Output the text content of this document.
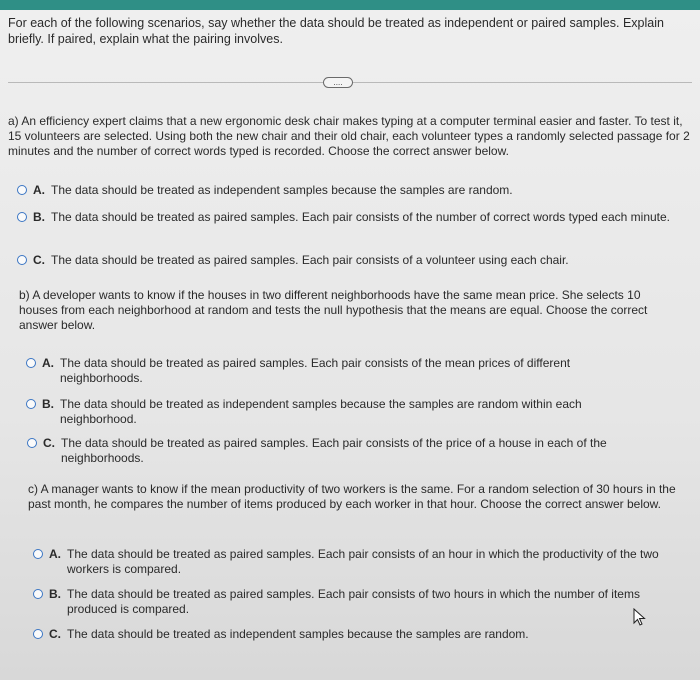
For each of the following scenarios, say whether the data should be treated as independent or paired samples. Explain briefly. If paired, explain what the pairing involves.
....
a) An efficiency expert claims that a new ergonomic desk chair makes typing at a computer terminal easier and faster. To test it, 15 volunteers are selected. Using both the new chair and their old chair, each volunteer types a randomly selected passage for 2 minutes and the number of correct words typed is recorded. Choose the correct answer below.
A. The data should be treated as independent samples because the samples are random.
B. The data should be treated as paired samples. Each pair consists of the number of correct words typed each minute.
C. The data should be treated as paired samples. Each pair consists of a volunteer using each chair.
b) A developer wants to know if the houses in two different neighborhoods have the same mean price. She selects 10 houses from each neighborhood at random and tests the null hypothesis that the means are equal. Choose the correct answer below.
A. The data should be treated as paired samples. Each pair consists of the mean prices of different neighborhoods.
B. The data should be treated as independent samples because the samples are random within each neighborhood.
C. The data should be treated as paired samples. Each pair consists of the price of a house in each of the neighborhoods.
c) A manager wants to know if the mean productivity of two workers is the same. For a random selection of 30 hours in the past month, he compares the number of items produced by each worker in that hour. Choose the correct answer below.
A. The data should be treated as paired samples. Each pair consists of an hour in which the productivity of the two workers is compared.
B. The data should be treated as paired samples. Each pair consists of two hours in which the number of items produced is compared.
C. The data should be treated as independent samples because the samples are random.
